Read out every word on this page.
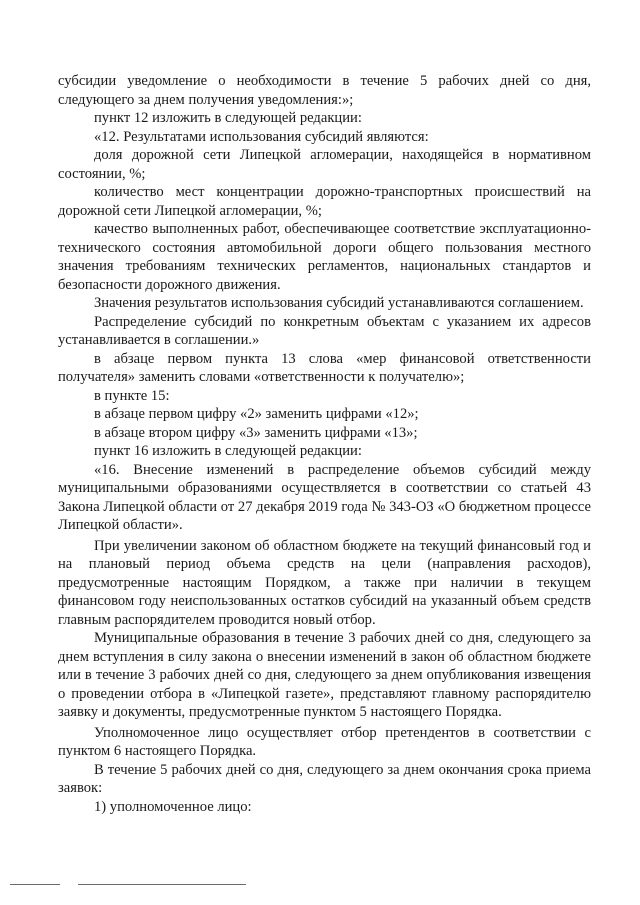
субсидии уведомление о необходимости в течение 5 рабочих дней со дня, следующего за днем получения уведомления:»;

пункт 12 изложить в следующей редакции:

«12. Результатами использования субсидий являются:

доля дорожной сети Липецкой агломерации, находящейся в нормативном состоянии, %;

количество мест концентрации дорожно-транспортных происшествий на дорожной сети Липецкой агломерации, %;

качество выполненных работ, обеспечивающее соответствие эксплуатационно-технического состояния автомобильной дороги общего пользования местного значения требованиям технических регламентов, национальных стандартов и безопасности дорожного движения.

Значения результатов использования субсидий устанавливаются соглашением.

Распределение субсидий по конкретным объектам с указанием их адресов устанавливается в соглашении.»

в абзаце первом пункта 13 слова «мер финансовой ответственности получателя» заменить словами «ответственности к получателю»;

в пункте 15:

в абзаце первом цифру «2» заменить цифрами «12»;

в абзаце втором цифру «3» заменить цифрами «13»;

пункт 16 изложить в следующей редакции:

«16. Внесение изменений в распределение объемов субсидий между муниципальными образованиями осуществляется в соответствии со статьей 43 Закона Липецкой области от 27 декабря 2019 года № 343-ОЗ «О бюджетном процессе Липецкой области».

При увеличении законом об областном бюджете на текущий финансовый год и на плановый период объема средств на цели (направления расходов), предусмотренные настоящим Порядком, а также при наличии в текущем финансовом году неиспользованных остатков субсидий на указанный объем средств главным распорядителем проводится новый отбор.

Муниципальные образования в течение 3 рабочих дней со дня, следующего за днем вступления в силу закона о внесении изменений в закон об областном бюджете или в течение 3 рабочих дней со дня, следующего за днем опубликования извещения о проведении отбора в «Липецкой газете», представляют главному распорядителю заявку и документы, предусмотренные пунктом 5 настоящего Порядка.

Уполномоченное лицо осуществляет отбор претендентов в соответствии с пунктом 6 настоящего Порядка.

В течение 5 рабочих дней со дня, следующего за днем окончания срока приема заявок:

1) уполномоченное лицо:
